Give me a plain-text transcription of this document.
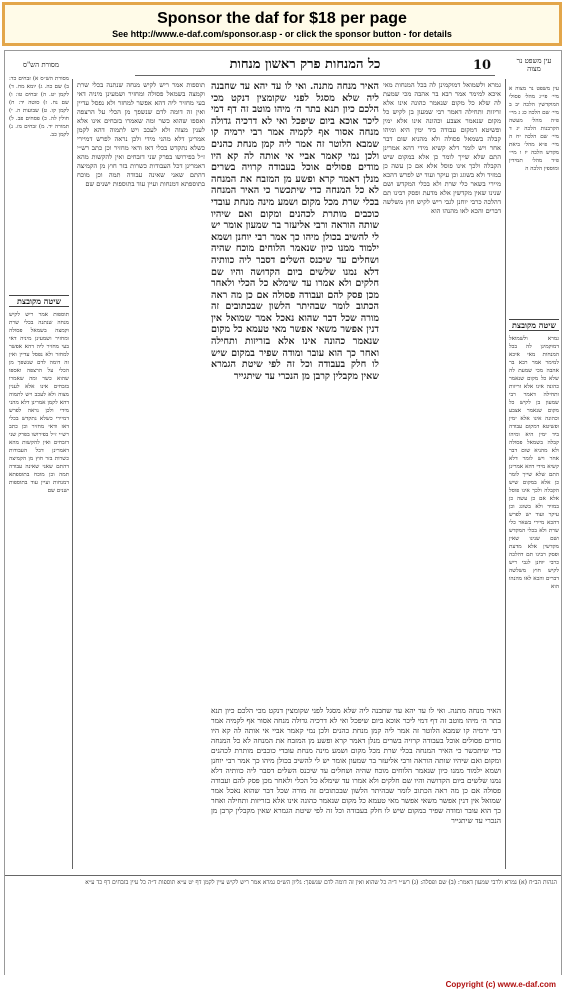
Sponsor the daf for $18 per page
See http://www.e-daf.com/sponsor.asp - or click the sponsor button - for details
כל המנחות פרק ראשון מנחות	10
מסורת הש"ס	עין משפט נר מצוה
מסורת הש״ס א) זבחים כד: ב) שם כה. ג) יומא מח. ד) לקמן יט. ה) זבחים טו: ו) שם נח. ז) סוטה יד: ח) לקמן קו. ט) שבועות ה. י) חולין לה. כ) פסחים פב. ל) תמורה יד. מ) זבחים מז. נ) לקמן כב.
שיטה מקובצת
תוספות אמר ריש לקיש מנחה שנתנה בכלי שרת וקמצה בשמאל פסולה ומחזיר ושמעינן מיניה דאי בעי מחזיר ליה דהא אפשר למחזר ולא נפסל עדיין ואין זה דומה לדם שנשפך מן הכלי על הרצפה ואספו שהוא כשר ומה שאמרו בזבחים אינו אלא לענין מצוה ולא לעכב ויש לתמוה דהא לקמן אמרינן דלא מהני מידי ולכן נראה לפרש דמיירי כשלא נתקדש בכלי דאז ודאי מחזיר וכן כתב רש״י ז״ל בפירושו בפרק שני דזבחים ואין להקשות מהא דאמרינן דכל העבודות כשרות בזר חוץ מן הקמיצה דהתם שאני שאינה עבודה תמה וכן מוכח בתוספתא דמנחות ועיין עוד בתוספות ישנים שם
תוספות אמר ריש לקיש מנחה שנתנה בכלי שרת וקמצה בשמאל פסולה ומחזיר ושמעינן מיניה דאי בעי מחזיר ליה דהא אפשר למחזר ולא נפסל עדיין ואין זה דומה לדם שנשפך מן הכלי על הרצפה ואספו שהוא כשר ומה שאמרו בזבחים אינו אלא לענין מצוה ולא לעכב ויש לתמוה דהא לקמן אמרינן דלא מהני מידי ולכן נראה לפרש דמיירי כשלא נתקדש בכלי דאז ודאי מחזיר וכן כתב רש״י ז״ל בפירושו בפרק שני דזבחים ואין להקשות מהא דאמרינן דכל העבודות כשרות בזר חוץ מן הקמיצה דהתם שאני שאינה עבודה תמה וכן מוכח בתוספתא דמנחות ועיין עוד בתוספות ישנים שם
האיר מנחה מתנה. ואי לו עד יהא עד שחבנה ליה שלא מסגל לפני שקומצין דנקט מכי הלכם כיון תנא בתר ה׳ מיהו מוטב זה דף דמי ליכר אוכא ביום שיפכל ואי לא דרכיה גדולה מנחה אסור אף לקמיה אמר רבי ירמיה קו שמבא הלוטר זה אמר ליה קמן מנחת כהנים ולכן נמי קאמר אביי אי אותה לה קא היו מודים פסולים אוכל בעבודה קרויה בשרים מנלן דאמר קרא ופשע מן המזבח את המנחה לא כל המנחה כדי שיתכשר כי האיר המנחה בכלי שרת מכל מקום ושמע מינה מנחת עובדי כוכבים מותרת לכהנים ומקום ואם שיהיו שותה הוראה ורבי אליעזר בר שמעון אומר יש לי להשיב בכולן מיהו כך אמר רבי יוחנן ושמא ילמוד ממנו כיון שנאמר הלוחים מוכח שהיה ושחלים עד שיכנס השלים דסבר ליה כוותיה דלא נמנו שלשים ביום הקדושה והיו שם חלקים ולא אמרו עד שימלא כל הכלי ולאחר מכן פסק להם ועבודה פסולה אם כן מה ראה הכתוב לומר שבהיתר הלשון שבכתובים זה מורה שכל דבר שהוא נאכל אמר שמואל אין דנין אפשר משאי אפשר מאי טעמא כל מקום שנאמר כהונה אינו אלא בזריזות ותחילה ואחר כך הוא עובר ומודה שפיר במקום שיש לו חלק בעבודה וכל זה לפי שיטת הגמרא שאין מקבלין קרבן מן הנכרי עד שיתגייר
האיר מנחה מתנה. ואי לו עד יהא עד שחבנה ליה שלא מסגל לפני שקומצין דנקט מכי הלכם כיון תנא בתר ה׳ מיהו מוטב זה דף דמי ליכר אוכא ביום שיפכל ואי לא דרכיה גדולה מנחה אסור אף לקמיה אמר רבי ירמיה קו שמבא הלוטר זה אמר ליה קמן מנחת כהנים ולכן נמי קאמר אביי אי אותה לה קא היו מודים פסולים אוכל בעבודה קרויה בשרים מנלן דאמר קרא ופשע מן המזבח את המנחה לא כל המנחה כדי שיתכשר כי האיר המנחה בכלי שרת מכל מקום ושמע מינה מנחת עובדי כוכבים מותרת לכהנים ומקום ואם שיהיו שותה הוראה ורבי אליעזר בר שמעון אומר יש לי להשיב בכולן מיהו כך אמר רבי יוחנן ושמא ילמוד ממנו כיון שנאמר הלוחים מוכח שהיה ושחלים עד שיכנס השלים דסבר ליה כוותיה דלא נמנו שלשים ביום הקדושה והיו שם חלקים ולא אמרו עד שימלא כל הכלי ולאחר מכן פסק להם ועבודה פסולה אם כן מה ראה הכתוב לומר שבהיתר הלשון שבכתובים זה מורה שכל דבר שהוא נאכל אמר שמואל אין דנין אפשר משאי אפשר מאי טעמא כל מקום שנאמר כהונה אינו אלא בזריזות ותחילה ואחר כך הוא עובר ומודה שפיר במקום שיש לו חלק בעבודה וכל זה לפי שיטת הגמרא שאין מקבלין קרבן מן הנכרי עד שיתגייר
גמרא ולשמואל דמוקמינן לה בכל המנחות מאי איכא למימר אמר רבא בר אהבה מכי שמעת לה שלא כל מקום שנאמר כהונה אינו אלא זריזות ותחילה דאמר רבי שמעון בן לקיש כל מקום שנאמר אצבע וכהונה אינו אלא ימין ופשיטא דמקום עבודה ביד ימין היא ומיהו קבלה בשמאל פסולה ולא מהניא שום דבר אחר ויש לומר דלא קשיא מידי דהא אמרינן התם שלא שייך לומר כן אלא במקום שיש הקבלה ולכך אינו פוסל אלא אם כן עשה כן במזיד ולא בשוגג וכן עיקר ועוד יש לפרש דהכא מיירי בשאר כלי שרת ולא בכלי המקדש ושם שנינו שאין מקדשין אלא מדעת ופסק רבינו תם דהלכה כרבי יוחנן לגבי ריש לקיש חוץ משלשה דברים והכא לאו מהנהו הוא
עין משפט נר מצוה א מיי׳ פי״ג מהל׳ פסולי המוקדשין הלכה יב ב מיי׳ שם הלכה כג ג מיי׳ פ״ה מהל׳ מעשה הקרבנות הלכה יג ד מיי׳ שם הלכה יח ה מיי׳ פ״א מהל׳ ביאת מקדש הלכה יז ו מיי׳ פ״ד מהל׳ תמידין ומוספין הלכה ה
שיטה מקובצת
גמרא ולשמואל דמוקמינן לה בכל המנחות מאי איכא למימר אמר רבא בר אהבה מכי שמעת לה שלא כל מקום שנאמר כהונה אינו אלא זריזות ותחילה דאמר רבי שמעון בן לקיש כל מקום שנאמר אצבע וכהונה אינו אלא ימין ופשיטא דמקום עבודה ביד ימין היא ומיהו קבלה בשמאל פסולה ולא מהניא שום דבר אחר ויש לומר דלא קשיא מידי דהא אמרינן התם שלא שייך לומר כן אלא במקום שיש הקבלה ולכך אינו פוסל אלא אם כן עשה כן במזיד ולא בשוגג וכן עיקר ועוד יש לפרש דהכא מיירי בשאר כלי שרת ולא בכלי המקדש ושם שנינו שאין מקדשין אלא מדעת ופסק רבינו תם דהלכה כרבי יוחנן לגבי ריש לקיש חוץ משלשה דברים והכא לאו מהנהו הוא
הגהות הב״ח (א) גמרא ולרבי שמעון דאמר: (ב) שם ופסלה: (ג) רש״י ד״ה כל שהוא ואין זה דומה לדם שנשפך: גליון הש״ס גמרא אמר ריש לקיש עיין לקמן דף יט ע״א תוספות ד״ה כל עיין בזבחים דף כד ע״א
Copyright (c) www.e-daf.com
